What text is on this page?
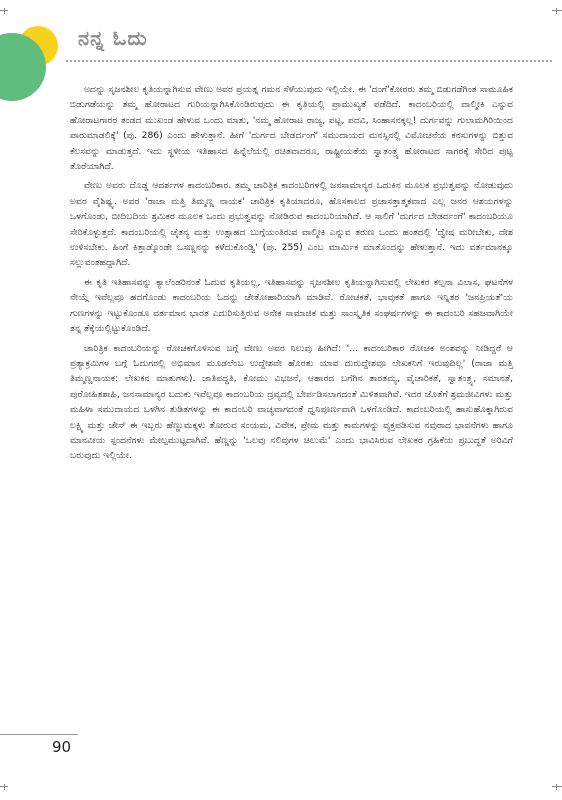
ನನ್ನ ಓದು

ಅದನ್ನು ಸೃಜನಶೀಲ ಕೃತಿಯನ್ನಾಗಿಸುವ ವೇಣು ಅವರ ಪ್ರಯತ್ನ ಗಮನ ಸೆಳೆಯುವುದು ಇಲ್ಲಿಯೇ. ಈ 'ದಂಗೆ'ಕೋರರು ತಮ್ಮ ಬಿಡುಗಡೆಗಿಂತ ಸಾಮೂಹಿಕ ಬಿಡುಗಡೆಯನ್ನು ತಮ್ಮ ಹೋರಾಟದ ಗುರಿಯನ್ನಾಗಿಸಿಕೊಂಡಿರುವುದು ಈ ಕೃತಿಯಲ್ಲಿ ಪ್ರಾಮುಖ್ಯತೆ ಪಡೆದಿದೆ. ಕಾದಂಬರಿಯಲ್ಲಿ ವಾಲ್ಮೀಕಿ ಎನ್ನುವ ಹೋರಾಟಗಾರರ ತಂಡದ ಮುಖಂಡ ಹೇಳುವ ಒಂದು ಮಾತು, 'ನಮ್ಮ ಹೋರಾಟ ರಾಜ್ಯ, ಪಟ್ಟ, ಪದವಿ, ಸಿಂಹಾಸನಕ್ಕಲ್ಲ! ದುರ್ಗವನ್ನು ಗುಲಾಮಗಿರಿಯಿಂದ ಪಾರುಮಾಡಲಿಕ್ಕೆ' (ಪು. 286) ಎಂದು ಹೇಳುತ್ತಾನೆ. ಹೀಗೆ 'ದುರ್ಗದ ಬೇಡರ್ದಂಗೆ' ಸಮುದಾಯದ ಮನಸ್ಸಿನಲ್ಲಿ ವಿಮೋಚನೆಯ ಕನಸುಗಳನ್ನು ಬಿತ್ತುವ ಕೆಲಸವನ್ನು ಮಾಡುತ್ತದೆ. ಇದು ಸ್ಥಳೀಯ ಇತಿಹಾಸದ ಹಿನ್ನೆಲೆಯಲ್ಲಿ ರಚಿತವಾದರೂ, ರಾಷ್ಟ್ರೀಯತೆಯ ಸ್ವಾತಂತ್ರ್ಯ ಹೋರಾಟದ ಸಾಗರಕ್ಕೆ ಸೇರಿದ ಪುಟ್ಟ ತೊರೆಯಾಗಿದೆ.

ವೇಣು ಅವರು ದೊಡ್ಡ ಆದರ್ಶಗಳ ಕಾದಂಬರಿಕಾರ. ತಮ್ಮ ಚಾರಿತ್ರಿಕ ಕಾದಂಬರಿಗಳಲ್ಲಿ ಜನಸಾಮಾನ್ಯರ ಒದುಕಿನ ಮೂಲಕ ಪ್ರಭುತ್ವವನ್ನು ನೋಡುವುದು ಅವರ ವೈಶಿಷ್ಟ್ಯ. ಅವರ 'ರಾಜಾ ಮತ್ತಿ ತಿಮ್ಮಣ್ಣ ನಾಯಕ' ಚಾರಿತ್ರಿಕ ಕೃತಿಯಾದರೂ, ಹೊಸಕಾಲದ ಪ್ರಜಾಸತ್ತಾತ್ಮಕವಾದ ಎಲ್ಲ ಜನರ ಆಶಯಗಳನ್ನು ಒಳಗೊಂಡು, ಬೀದಿಬದಿಯ ಶ್ರಮಿಕರ ಮೂಲಕ ಒಂದು ಪ್ರಭುತ್ವವನ್ನು ನೋಡಿರುವ ಕಾದಂಬರಿಯಾಗಿದೆ. ಆ ಸಾಲಿಗೆ 'ದುರ್ಗದ ಬೇಡರ್ದಂಗೆ' ಕಾದಂಬರಿಯೂ ಸೇರಿಕೊಳ್ಳುತ್ತದೆ. ಕಾದಂಬರಿಯಲ್ಲಿ ಚೈತನ್ಯ ಮತ್ತು ಉತ್ಸಾಹದ ಬುಗ್ಗೆಯಂತಿರುವ ವಾಲ್ಮೀಕಿ ಎನ್ನುವ ತರುಣ ಒಂದು ಹಂತದಲ್ಲಿ 'ದ್ವೇಷ ಮರೀಬೇಕು, ದೇಶ ಉಳಿಸಬೇಕು. ಹಿಂಗೆ ಕಿತ್ತಾಡ್ಕೊಂಡೇ ಒಸಣ್ಣನನ್ನು ಕಳೆದುಕೊಂಡ್ವಿ' (ಪು. 255) ಎಂಬ ಮಾರ್ಮಿಕ ಮಾತೊಂದನ್ನು ಹೇಳುತ್ತಾನೆ. ಇದು ವರ್ತಮಾನಕ್ಕೂ ಸಲ್ಲುವಂತಹದ್ದಾಗಿದೆ.

ಈ ಕೃತಿ ಇತಿಹಾಸವನ್ನು ಕ್ಯಾಲೆಂಡರಿನಂತೆ ಓದುವ ಕೃತಿಯಲ್ಲ, ಇತಿಹಾಸವನ್ನು ಸೃಜನಶೀಲ ಕೃತಿಯನ್ನಾಗಿಸುವಲ್ಲಿ ಲೇಖಕರ ಕಲ್ಪನಾ ವಿಲಾಸ, ಘಟನೆಗಳ ನೇಯ್ಗೆ ಇವೆಲ್ಲವೂ ಹದಗೊಂಡು ಕಾದಂಬರಿಯ ಓದನ್ನು ಚೇತೋಹಾರಿಯಾಗಿ ಮಾಡಿವೆ. ರೋಚಕತೆ, ಭಾವುಕತೆ ಹಾಗೂ ಇನ್ನಿತರ 'ಜನಪ್ರಿಯತೆ'ಯ ಗುಣಗಳನ್ನು ಇಟ್ಟುಕೊಂಡೂ ವರ್ತಮಾನ ಭಾರತ ಎದುರಿಸುತ್ತಿರುವ ಅನೇಕ ಸಾಮಾಜಿಕ ಮತ್ತು ಸಾಂಸ್ಕೃತಿಕ ಸಂಘರ್ಷಗಳನ್ನು ಈ ಕಾದಂಬರಿ ಸಹಜವಾಗಿಯೇ ತನ್ನ ತೆಕ್ಕೆಯಲ್ಲಿಟ್ಟುಕೊಂಡಿದೆ.

ಚಾರಿತ್ರಿಕ ಕಾದಂಬರಿಯನ್ನು ರೋಚಕಗೊಳಿಸುವ ಬಗ್ಗೆ ವೇಣು ಅವರ ನಿಲುವು ಹೀಗಿದೆ: '... ಕಾದಂಬರಿಕಾರ ರೋಚಕ ಅಂಶವನ್ನು ನೀಡಿದ್ದರೆ ಆ ಪ್ರತ್ಯಾಕ್ರಮಿಗಳ ಬಗ್ಗೆ ಓದುಗರಲ್ಲಿ ಅಭಿಮಾನ ಮೂಡಲೆಂಬ ಉದ್ದೇಶವೇ ಹೊರತು ಯಾವ ದುರುದ್ದೇಶವೂ ಲೇಖಕನಿಗೆ ಇರುವುದಿಲ್ಲ' (ರಾಜಾ ಮತ್ತಿ ತಿಮ್ಮಣ್ಣನಾಯಕ: ಲೇಖಕನ ಮಾತುಗಳು). ಜಾತಿಪದ್ಧತಿ, ಕೋಮು ವಿಭಜನೆ, ಆಹಾರದ ಬಗೆಗಿನ ತಾರತಮ್ಯ, ವೈಚಾರಿಕತೆ, ಸ್ವಾತಂತ್ರ್ಯ, ಸಮಾನತೆ, ಪುರೋಹಿತಶಾಹಿ, ಜನಸಾಮಾನ್ಯರ ಬದುಕು ಇವೆಲ್ಲವೂ ಕಾದಂಬರಿಯ ದ್ರವ್ಯದಲ್ಲಿ ಬೇರ್ಪಡಿಸಲಾಗದಂತೆ ಮಿಳಿತವಾಗಿವೆ. ಇದರ ಜೊತೆಗೆ ಶ್ರಮಜೀವಿಗಳು ಮತ್ತು ಮಹಿಳಾ ಸಮುದಾಯದ ಒಳಗಿನ ತುಡಿತಗಳನ್ನು ಈ ಕಾದಂಬರಿ ವಾಚ್ಯವಾಗದಂತೆ ಧ್ವನಿಪೂರ್ಣವಾಗಿ ಒಳಗೊಂಡಿದೆ. ಕಾದಂಬರಿಯಲ್ಲಿ ಹಾಸುಹೊಕ್ಕಾಗಿರುವ ಲಕ್ಷ್ಮಿ ಮತ್ತು ಜೇಸ್ ಈ ಇಬ್ಬರು ಹೆಣ್ಣುಮಕ್ಕಳು ತೋರುವ ಸಂಯಮ, ವಿವೇಕ, ಪ್ರೇಮ ಮತ್ತು ಕಾಮಗಳನ್ನು ವ್ಯಕ್ತಪಡಿಸುವ ನವುರಾದ ಭಾವನೆಗಳು ಹಾಗೂ ಮಾನವೀಯ ಸ್ಪಂದನೆಗಳು ಮೇಲ್ಪಮುಟ್ಟದಾಗಿವೆ. ಹೆಣ್ಣನ್ನು 'ಒಲವು ನಲಿವುಗಳ ಚಿಲುಮೆ' ಎಂದು ಭಾವಿಸಿರುವ ಲೇಖಕರ ಗ್ರಹಿಕೆಯ ಪ್ರಬುದ್ಧತೆ ಅರಿವಿಗೆ ಬರುವುದು ಇಲ್ಲಿಯೇ.

90
